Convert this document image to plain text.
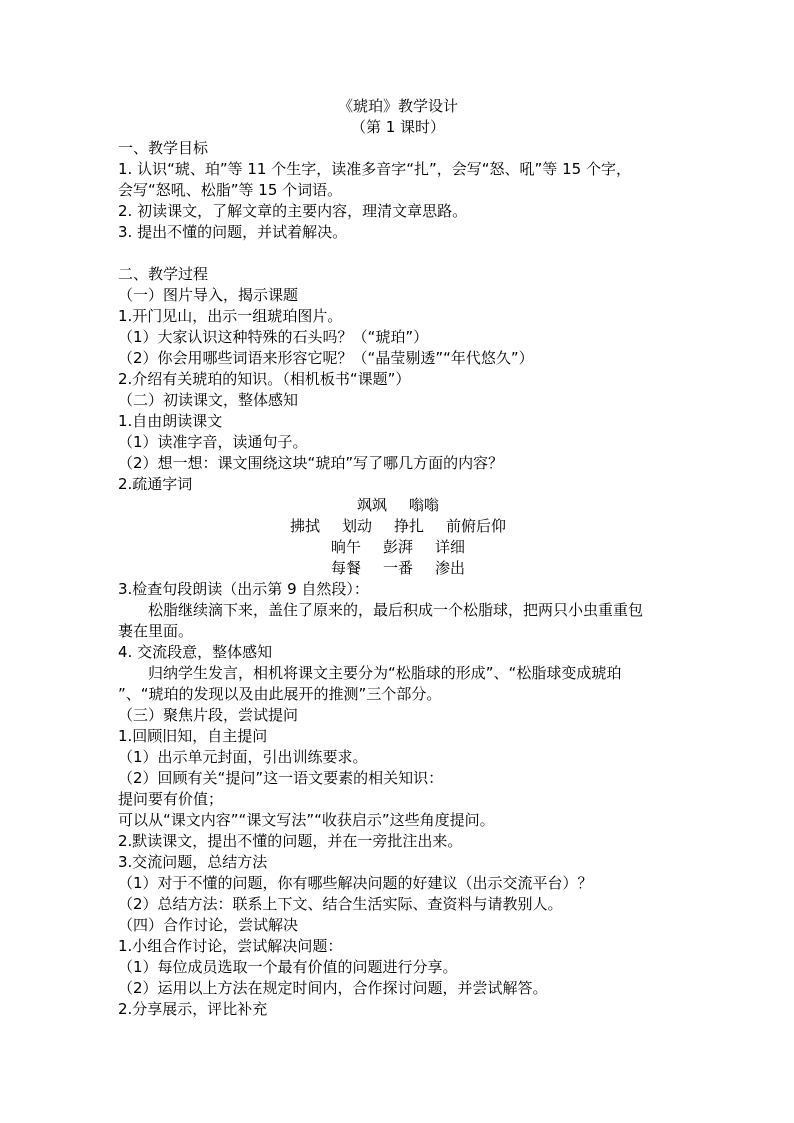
《琥珀》教学设计
（第 1 课时）
一、教学目标
1. 认识“琥、珀”等 11 个生字，读准多音字“扎”，会写“怒、吼”等 15 个字，
会写“怒吼、松脂”等 15 个词语。
2. 初读课文，了解文章的主要内容，理清文章思路。
3. 提出不懂的问题，并试着解决。
二、教学过程
（一）图片导入，揭示课题
1.开门见山，出示一组琥珀图片。
（1）大家认识这种特殊的石头吗？（“琥珀”）
（2）你会用哪些词语来形容它呢？（“晶莹剔透”“年代悠久”）
2.介绍有关琥珀的知识。（相机板书“课题”）
（二）初读课文，整体感知
1.自由朗读课文
（1）读准字音，读通句子。
（2）想一想：课文围绕这块“琥珀”写了哪几方面的内容？
2.疏通字词
飒飒 嗡嗡
拂拭 划动 挣扎 前俯后仰
晌午 彭湃 详细
每餐 一番 渗出
3.检查句段朗读（出示第 9 自然段）：
松脂继续滴下来，盖住了原来的，最后积成一个松脂球，把两只小虫重重包
裹在里面。
4. 交流段意，整体感知
归纳学生发言，相机将课文主要分为“松脂球的形成”、“松脂球变成琥珀
”、“琥珀的发现以及由此展开的推测”三个部分。
（三）聚焦片段，尝试提问
1.回顾旧知，自主提问
（1）出示单元封面，引出训练要求。
（2）回顾有关“提问”这一语文要素的相关知识：
提问要有价值；
可以从“课文内容”“课文写法”“收获启示”这些角度提问。
2.默读课文，提出不懂的问题，并在一旁批注出来。
3.交流问题，总结方法
（1）对于不懂的问题，你有哪些解决问题的好建议（出示交流平台）？
（2）总结方法：联系上下文、结合生活实际、查资料与请教别人。
（四）合作讨论，尝试解决
1.小组合作讨论，尝试解决问题：
（1）每位成员选取一个最有价值的问题进行分享。
（2）运用以上方法在规定时间内，合作探讨问题，并尝试解答。
2.分享展示，评比补充
